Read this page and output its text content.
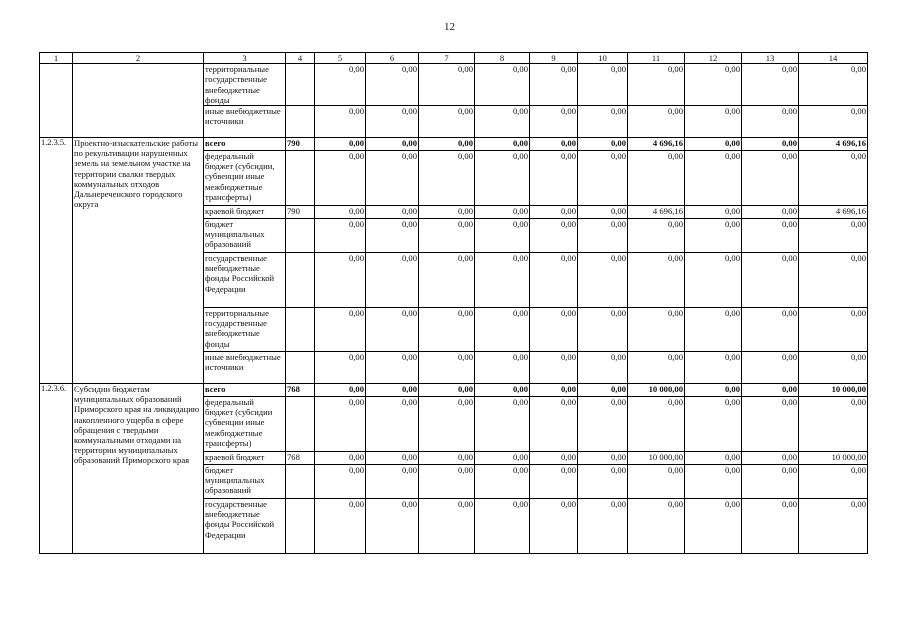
12
1	2	3	4	5	6	7	8	9	10	11	12	13	14
		территориальные государственные внебюджетные фонды		0,00	0,00	0,00	0,00	0,00	0,00	0,00	0,00	0,00	0,00
		иные внебюджетные источники		0,00	0,00	0,00	0,00	0,00	0,00	0,00	0,00	0,00	0,00
1.2.3.5.	Проектно-изыскательские работы по рекультивации нарушенных земель на земельном участке на территории свалки твердых коммунальных отходов Дальнереченского городского округа	всего	790	0,00	0,00	0,00	0,00	0,00	0,00	4 696,16	0,00	0,00	4 696,16
		федеральный бюджет (субсидии, субвенции иные межбюджетные трансферты)		0,00	0,00	0,00	0,00	0,00	0,00	0,00	0,00	0,00	0,00
		краевой бюджет	790	0,00	0,00	0,00	0,00	0,00	0,00	4 696,16	0,00	0,00	4 696,16
		бюджет муниципальных образований		0,00	0,00	0,00	0,00	0,00	0,00	0,00	0,00	0,00	0,00
		государственные внебюджетные фонды Российской Федерации		0,00	0,00	0,00	0,00	0,00	0,00	0,00	0,00	0,00	0,00
		территориальные государственные внебюджетные фонды		0,00	0,00	0,00	0,00	0,00	0,00	0,00	0,00	0,00	0,00
		иные внебюджетные источники		0,00	0,00	0,00	0,00	0,00	0,00	0,00	0,00	0,00	0,00
1.2.3.6.	Субсидии бюджетам муниципальных образований Приморского края на ликвидацию накопленного ущерба в сфере обращения с твердыми коммунальными отходами на территории муниципальных образований Приморского края	всего	768	0,00	0,00	0,00	0,00	0,00	0,00	10 000,00	0,00	0,00	10 000,00
		федеральный бюджет (субсидии субвенции иные межбюджетные трансферты)		0,00	0,00	0,00	0,00	0,00	0,00	0,00	0,00	0,00	0,00
		краевой бюджет	768	0,00	0,00	0,00	0,00	0,00	0,00	10 000,00	0,00	0,00	10 000,00
		бюджет муниципальных образований		0,00	0,00	0,00	0,00	0,00	0,00	0,00	0,00	0,00	0,00
		государственные внебюджетные фонды Российской Федерации		0,00	0,00	0,00	0,00	0,00	0,00	0,00	0,00	0,00	0,00
